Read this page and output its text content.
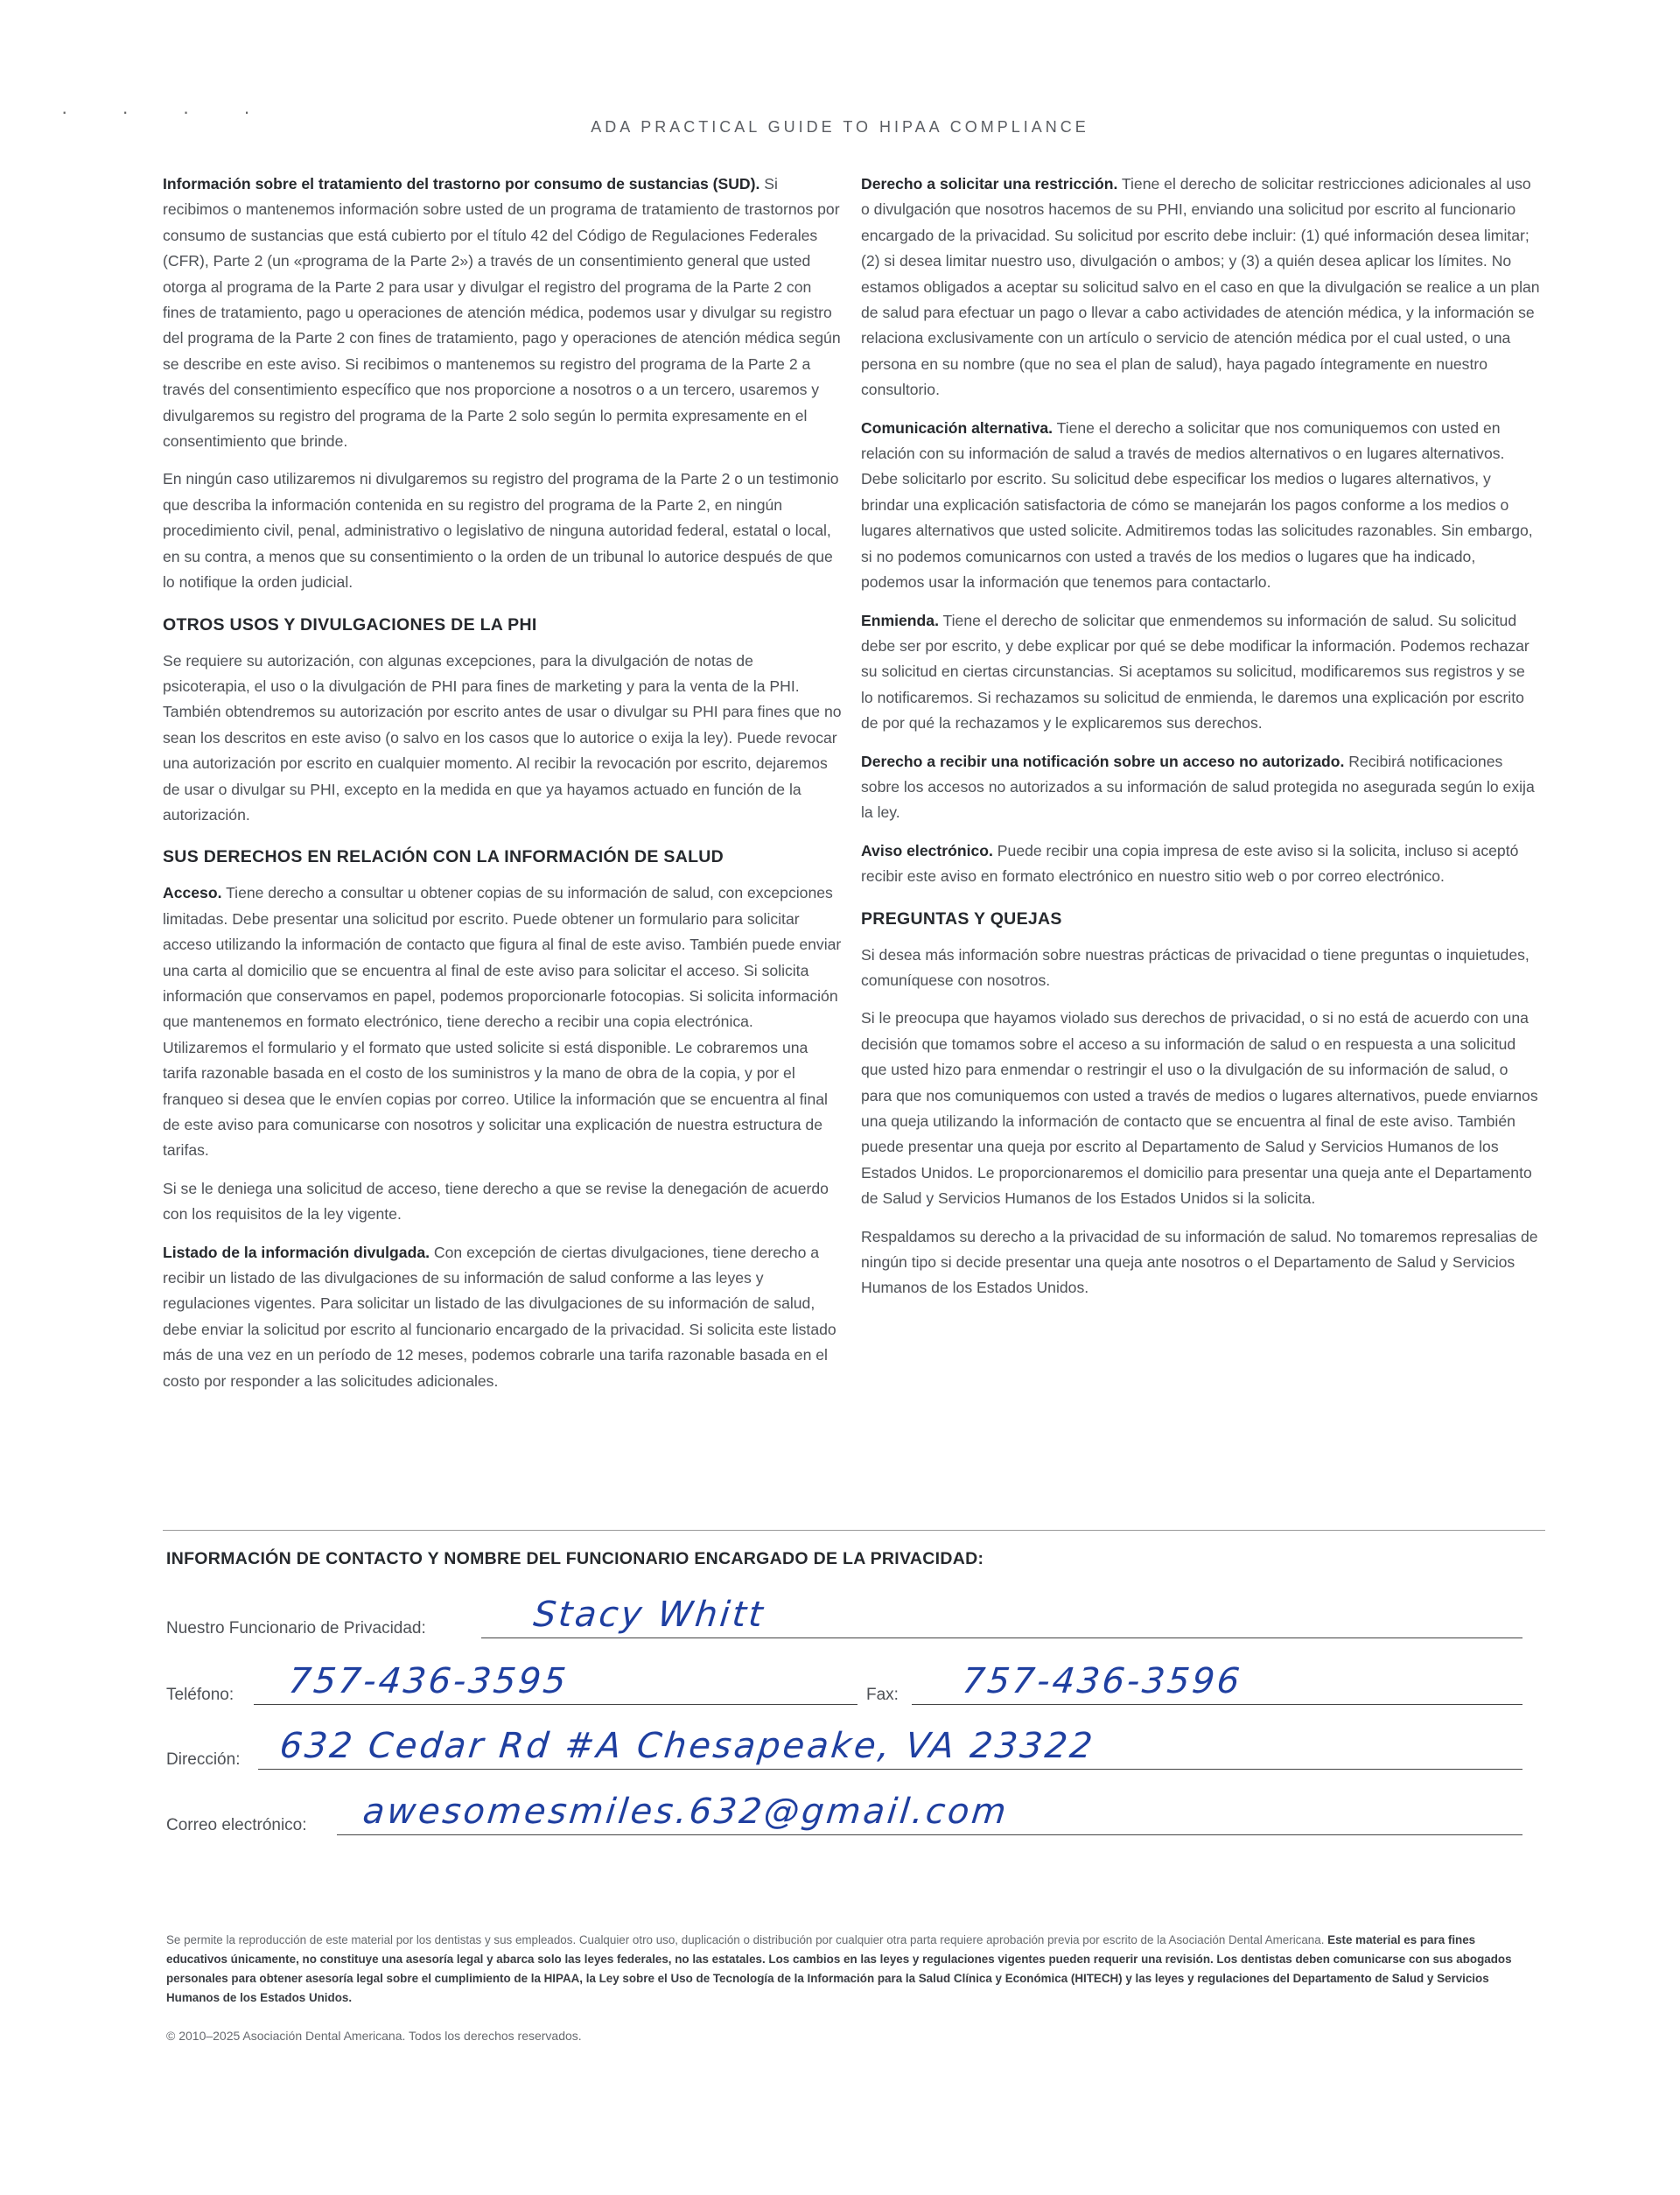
· · · ·
ADA PRACTICAL GUIDE TO HIPAA COMPLIANCE

Información sobre el tratamiento del trastorno por consumo de sustancias (SUD). Si recibimos o mantenemos información sobre usted de un programa de tratamiento de trastornos por consumo de sustancias que está cubierto por el título 42 del Código de Regulaciones Federales (CFR), Parte 2 (un «programa de la Parte 2») a través de un consentimiento general que usted otorga al programa de la Parte 2 para usar y divulgar el registro del programa de la Parte 2 con fines de tratamiento, pago u operaciones de atención médica, podemos usar y divulgar su registro del programa de la Parte 2 con fines de tratamiento, pago y operaciones de atención médica según se describe en este aviso. Si recibimos o mantenemos su registro del programa de la Parte 2 a través del consentimiento específico que nos proporcione a nosotros o a un tercero, usaremos y divulgaremos su registro del programa de la Parte 2 solo según lo permita expresamente en el consentimiento que brinde.

En ningún caso utilizaremos ni divulgaremos su registro del programa de la Parte 2 o un testimonio que describa la información contenida en su registro del programa de la Parte 2, en ningún procedimiento civil, penal, administrativo o legislativo de ninguna autoridad federal, estatal o local, en su contra, a menos que su consentimiento o la orden de un tribunal lo autorice después de que lo notifique la orden judicial.

OTROS USOS Y DIVULGACIONES DE LA PHI

Se requiere su autorización, con algunas excepciones, para la divulgación de notas de psicoterapia, el uso o la divulgación de PHI para fines de marketing y para la venta de la PHI. También obtendremos su autorización por escrito antes de usar o divulgar su PHI para fines que no sean los descritos en este aviso (o salvo en los casos que lo autorice o exija la ley). Puede revocar una autorización por escrito en cualquier momento. Al recibir la revocación por escrito, dejaremos de usar o divulgar su PHI, excepto en la medida en que ya hayamos actuado en función de la autorización.

SUS DERECHOS EN RELACIÓN CON LA INFORMACIÓN DE SALUD

Acceso. Tiene derecho a consultar u obtener copias de su información de salud, con excepciones limitadas. Debe presentar una solicitud por escrito. Puede obtener un formulario para solicitar acceso utilizando la información de contacto que figura al final de este aviso. También puede enviar una carta al domicilio que se encuentra al final de este aviso para solicitar el acceso. Si solicita información que conservamos en papel, podemos proporcionarle fotocopias. Si solicita información que mantenemos en formato electrónico, tiene derecho a recibir una copia electrónica. Utilizaremos el formulario y el formato que usted solicite si está disponible. Le cobraremos una tarifa razonable basada en el costo de los suministros y la mano de obra de la copia, y por el franqueo si desea que le envíen copias por correo. Utilice la información que se encuentra al final de este aviso para comunicarse con nosotros y solicitar una explicación de nuestra estructura de tarifas.

Si se le deniega una solicitud de acceso, tiene derecho a que se revise la denegación de acuerdo con los requisitos de la ley vigente.

Listado de la información divulgada. Con excepción de ciertas divulgaciones, tiene derecho a recibir un listado de las divulgaciones de su información de salud conforme a las leyes y regulaciones vigentes. Para solicitar un listado de las divulgaciones de su información de salud, debe enviar la solicitud por escrito al funcionario encargado de la privacidad. Si solicita este listado más de una vez en un período de 12 meses, podemos cobrarle una tarifa razonable basada en el costo por responder a las solicitudes adicionales.

Derecho a solicitar una restricción. Tiene el derecho de solicitar restricciones adicionales al uso o divulgación que nosotros hacemos de su PHI, enviando una solicitud por escrito al funcionario encargado de la privacidad. Su solicitud por escrito debe incluir: (1) qué información desea limitar; (2) si desea limitar nuestro uso, divulgación o ambos; y (3) a quién desea aplicar los límites. No estamos obligados a aceptar su solicitud salvo en el caso en que la divulgación se realice a un plan de salud para efectuar un pago o llevar a cabo actividades de atención médica, y la información se relaciona exclusivamente con un artículo o servicio de atención médica por el cual usted, o una persona en su nombre (que no sea el plan de salud), haya pagado íntegramente en nuestro consultorio.

Comunicación alternativa. Tiene el derecho a solicitar que nos comuniquemos con usted en relación con su información de salud a través de medios alternativos o en lugares alternativos. Debe solicitarlo por escrito. Su solicitud debe especificar los medios o lugares alternativos, y brindar una explicación satisfactoria de cómo se manejarán los pagos conforme a los medios o lugares alternativos que usted solicite. Admitiremos todas las solicitudes razonables. Sin embargo, si no podemos comunicarnos con usted a través de los medios o lugares que ha indicado, podemos usar la información que tenemos para contactarlo.

Enmienda. Tiene el derecho de solicitar que enmendemos su información de salud. Su solicitud debe ser por escrito, y debe explicar por qué se debe modificar la información. Podemos rechazar su solicitud en ciertas circunstancias. Si aceptamos su solicitud, modificaremos sus registros y se lo notificaremos. Si rechazamos su solicitud de enmienda, le daremos una explicación por escrito de por qué la rechazamos y le explicaremos sus derechos.

Derecho a recibir una notificación sobre un acceso no autorizado. Recibirá notificaciones sobre los accesos no autorizados a su información de salud protegida no asegurada según lo exija la ley.

Aviso electrónico. Puede recibir una copia impresa de este aviso si la solicita, incluso si aceptó recibir este aviso en formato electrónico en nuestro sitio web o por correo electrónico.

PREGUNTAS Y QUEJAS

Si desea más información sobre nuestras prácticas de privacidad o tiene preguntas o inquietudes, comuníquese con nosotros.

Si le preocupa que hayamos violado sus derechos de privacidad, o si no está de acuerdo con una decisión que tomamos sobre el acceso a su información de salud o en respuesta a una solicitud que usted hizo para enmendar o restringir el uso o la divulgación de su información de salud, o para que nos comuniquemos con usted a través de medios o lugares alternativos, puede enviarnos una queja utilizando la información de contacto que se encuentra al final de este aviso. También puede presentar una queja por escrito al Departamento de Salud y Servicios Humanos de los Estados Unidos. Le proporcionaremos el domicilio para presentar una queja ante el Departamento de Salud y Servicios Humanos de los Estados Unidos si la solicita.

Respaldamos su derecho a la privacidad de su información de salud. No tomaremos represalias de ningún tipo si decide presentar una queja ante nosotros o el Departamento de Salud y Servicios Humanos de los Estados Unidos.

INFORMACIÓN DE CONTACTO Y NOMBRE DEL FUNCIONARIO ENCARGADO DE LA PRIVACIDAD:
Nuestro Funcionario de Privacidad:	Stacy Whitt
Teléfono: 757-436-3595	Fax: 757-436-3596
Dirección: 632 Cedar Rd #A Chesapeake, VA 23322
Correo electrónico: awesomesmiles.632@gmail.com
Se permite la reproducción de este material por los dentistas y sus empleados. Cualquier otro uso, duplicación o distribución por cualquier otra parta requiere aprobación previa por escrito de la Asociación Dental Americana. Este material es para fines educativos únicamente, no constituye una asesoría legal y abarca solo las leyes federales, no las estatales. Los cambios en las leyes y regulaciones vigentes pueden requerir una revisión. Los dentistas deben comunicarse con sus abogados personales para obtener asesoría legal sobre el cumplimiento de la HIPAA, la Ley sobre el Uso de Tecnología de la Información para la Salud Clínica y Económica (HITECH) y las leyes y regulaciones del Departamento de Salud y Servicios Humanos de los Estados Unidos.
© 2010–2025 Asociación Dental Americana. Todos los derechos reservados.
